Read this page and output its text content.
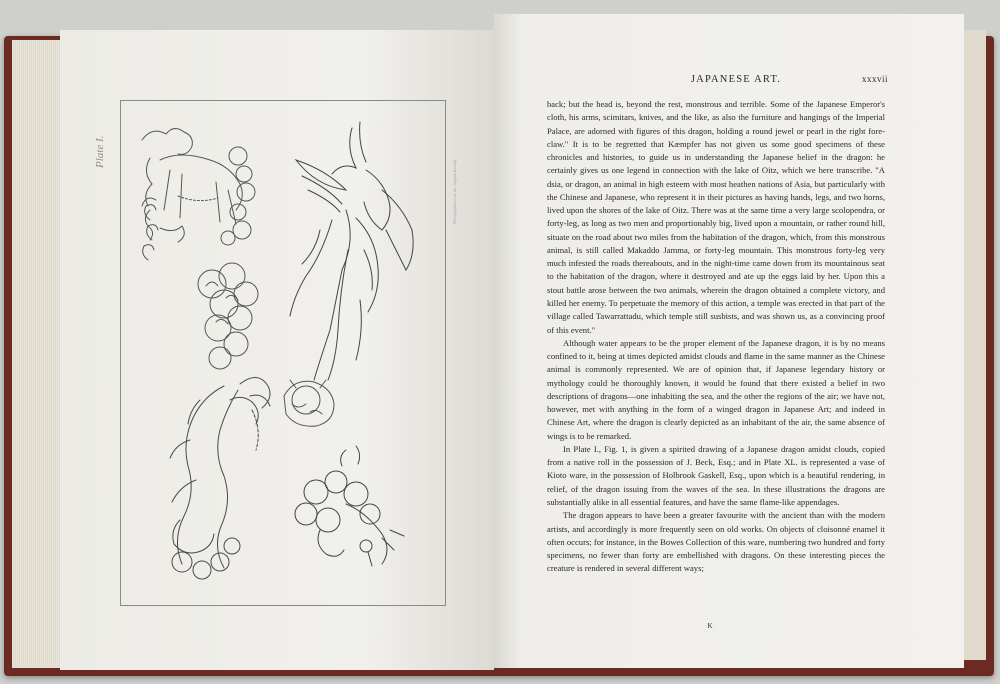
Plate I.
Photographed from the original drawing
JAPANESE ART.	xxxvii

back; but the head is, beyond the rest, monstrous and terrible. Some of the Japanese Emperor's cloth, his arms, scimitars, knives, and the like, as also the furniture and hangings of the Imperial Palace, are adorned with figures of this dragon, holding a round jewel or pearl in the right fore-claw." It is to be regretted that Kæmpfer has not given us some good specimens of these chronicles and histories, to guide us in understanding the Japanese belief in the dragon: he certainly gives us one legend in connection with the lake of Oitz, which we here transcribe. "A dsia, or dragon, an animal in high esteem with most heathen nations of Asia, but particularly with the Chinese and Japanese, who represent it in their pictures as having hands, legs, and two horns, lived upon the shores of the lake of Oitz. There was at the same time a very large scolopendra, or forty-leg, as long as two men and proportionably big, lived upon a mountain, or rather round hill, situate on the road about two miles from the habitation of the dragon, which, from this monstrous animal, is still called Makaddo Jamma, or forty-leg mountain. This monstrous forty-leg very much infested the roads thereabouts, and in the night-time came down from its mountainous seat to the habitation of the dragon, where it destroyed and ate up the eggs laid by her. Upon this a stout battle arose between the two animals, wherein the dragon obtained a complete victory, and killed her enemy. To perpetuate the memory of this action, a temple was erected in that part of the village called Tawarrattadu, which temple still susbists, and was shown us, as a convincing proof of this event."

Although water appears to be the proper element of the Japanese dragon, it is by no means confined to it, being at times depicted amidst clouds and flame in the same manner as the Chinese animal is commonly represented. We are of opinion that, if Japanese legendary history or mythology could be thoroughly known, it would be found that there existed a belief in two descriptions of dragons—one inhabiting the sea, and the other the regions of the air; we have not, however, met with anything in the form of a winged dragon in Japanese Art; and indeed in Chinese Art, where the dragon is clearly depicted as an inhabitant of the air, the same absence of wings is to be remarked.

In Plate I., Fig. 1, is given a spirited drawing of a Japanese dragon amidst clouds, copied from a native roll in the possession of J. Beck, Esq.; and in Plate XL. is represented a vase of Kioto ware, in the possession of Holbrook Gaskell, Esq., upon which is a beautiful rendering, in relief, of the dragon issuing from the waves of the sea. In these illustrations the dragons are substantially alike in all essential features, and have the same flame-like appendages.

The dragon appears to have been a greater favourite with the ancient than with the modern artists, and accordingly is more frequently seen on old works. On objects of cloisonné enamel it often occurs; for instance, in the Bowes Collection of this ware, numbering two hundred and forty specimens, no fewer than forty are embellished with dragons. On these interesting pieces the creature is rendered in several different ways;

K
